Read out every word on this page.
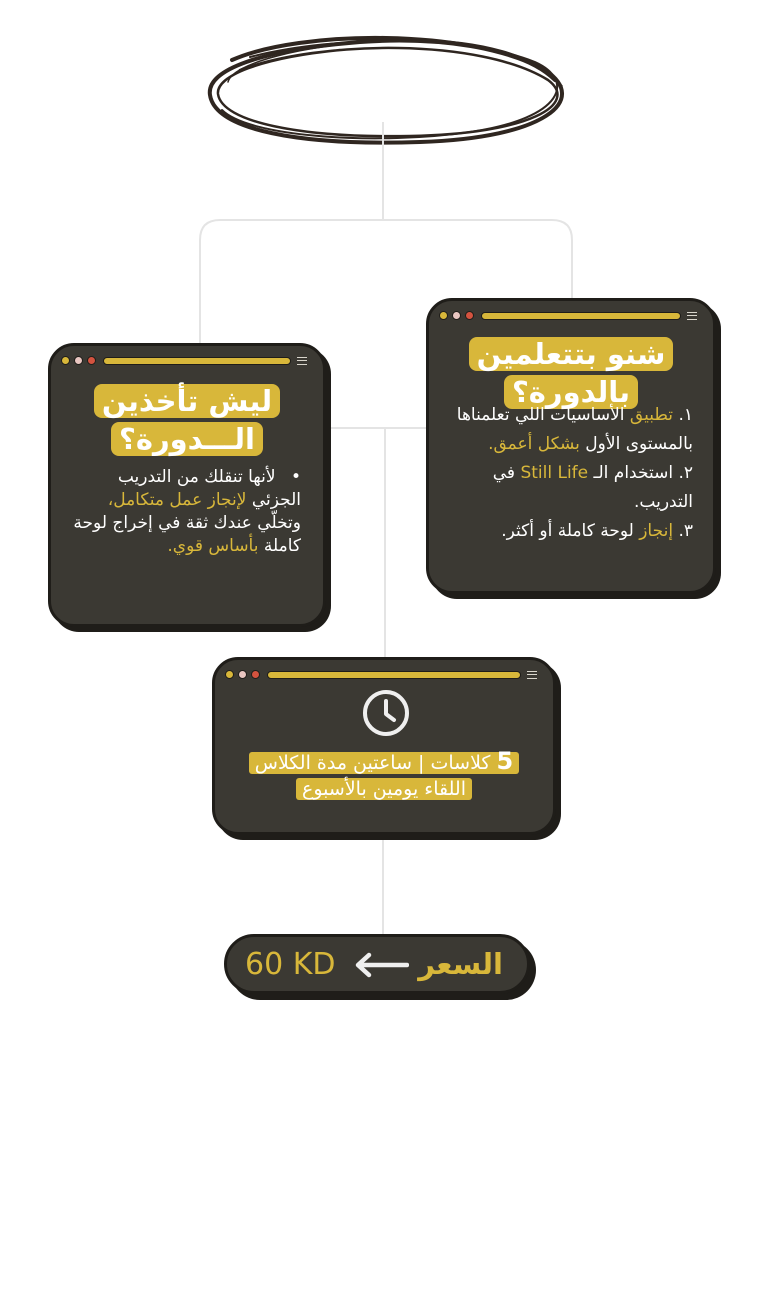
شنو بتتعلمين
بالدورة؟
١. تطبيق الأساسيات اللي تعلمناها بالمستوى الأول بشكل أعمق.
٢. استخدام الـ Still Life في التدريب.
٣. إنجاز لوحة كاملة أو أكثر.
ليش تأخذين
الـــدورة؟
• لأنها تنقلك من التدريب الجزئي لإنجاز عمل متكامل، وتخلّي عندك ثقة في إخراج لوحة كاملة بأساس قوي.
5 كلاسات | ساعتين مدة الكلاس
اللقاء يومين بالأسبوع
60 KD	السعر
